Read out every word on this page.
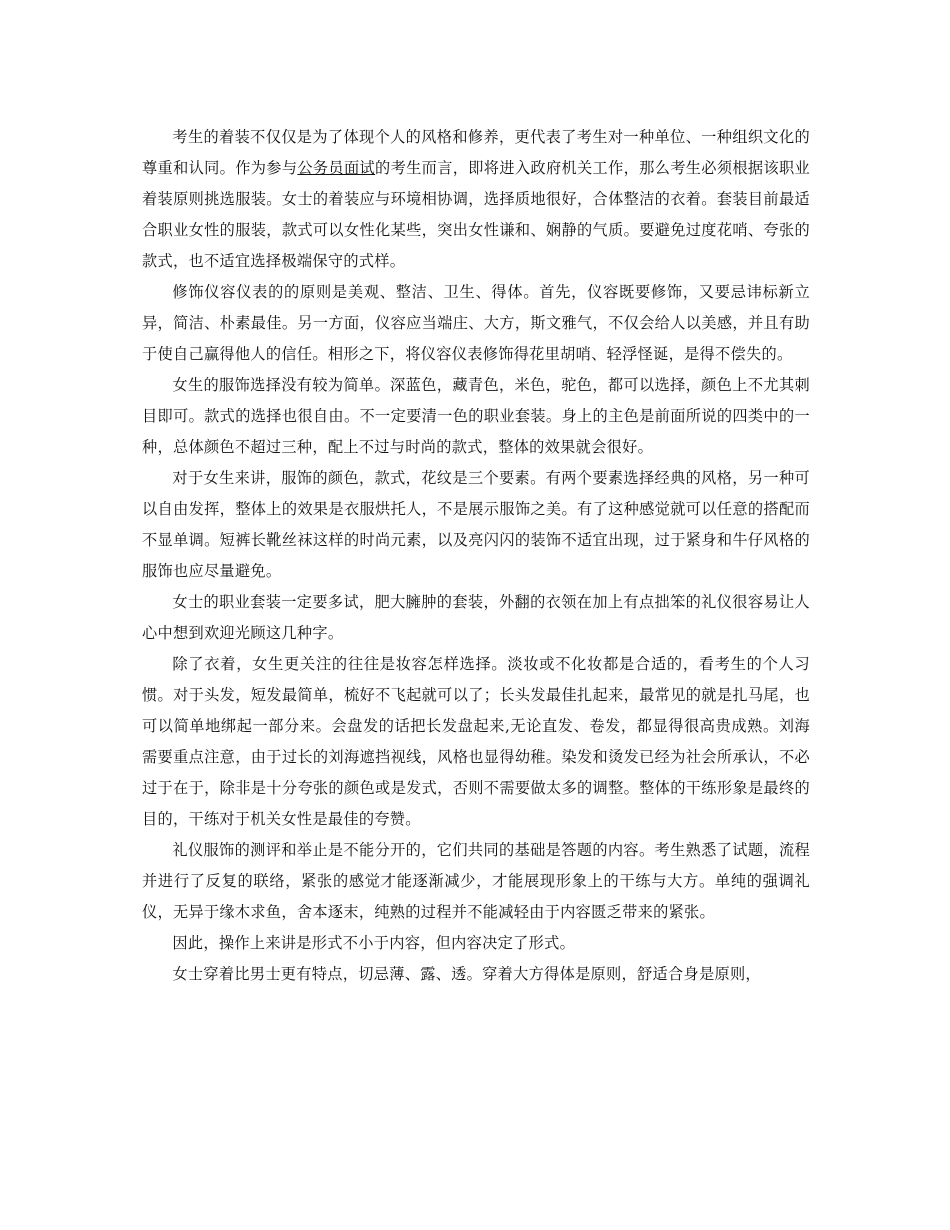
考生的着装不仅仅是为了体现个人的风格和修养，更代表了考生对一种单位、一种组织文化的尊重和认同。作为参与公务员面试的考生而言，即将进入政府机关工作，那么考生必须根据该职业着装原则挑选服装。女士的着装应与环境相协调，选择质地很好，合体整洁的衣着。套装目前最适合职业女性的服装，款式可以女性化某些，突出女性谦和、娴静的气质。要避免过度花哨、夸张的款式，也不适宜选择极端保守的式样。

修饰仪容仪表的的原则是美观、整洁、卫生、得体。首先，仪容既要修饰，又要忌讳标新立异，简洁、朴素最佳。另一方面，仪容应当端庄、大方，斯文雅气，不仅会给人以美感，并且有助于使自己赢得他人的信任。相形之下，将仪容仪表修饰得花里胡哨、轻浮怪诞，是得不偿失的。

女生的服饰选择没有较为简单。深蓝色，藏青色，米色，驼色，都可以选择，颜色上不尤其刺目即可。款式的选择也很自由。不一定要清一色的职业套装。身上的主色是前面所说的四类中的一种，总体颜色不超过三种，配上不过与时尚的款式，整体的效果就会很好。

对于女生来讲，服饰的颜色，款式，花纹是三个要素。有两个要素选择经典的风格，另一种可以自由发挥，整体上的效果是衣服烘托人，不是展示服饰之美。有了这种感觉就可以任意的搭配而不显单调。短裤长靴丝袜这样的时尚元素，以及亮闪闪的装饰不适宜出现，过于紧身和牛仔风格的服饰也应尽量避免。

女士的职业套装一定要多试，肥大臃肿的套装，外翻的衣领在加上有点拙笨的礼仪很容易让人心中想到欢迎光顾这几种字。

除了衣着，女生更关注的往往是妆容怎样选择。淡妆或不化妆都是合适的，看考生的个人习惯。对于头发，短发最简单，梳好不飞起就可以了；长头发最佳扎起来，最常见的就是扎马尾，也可以简单地绑起一部分来。会盘发的话把长发盘起来,无论直发、卷发，都显得很高贵成熟。刘海需要重点注意，由于过长的刘海遮挡视线，风格也显得幼稚。染发和烫发已经为社会所承认，不必过于在于，除非是十分夸张的颜色或是发式，否则不需要做太多的调整。整体的干练形象是最终的目的，干练对于机关女性是最佳的夸赞。

礼仪服饰的测评和举止是不能分开的，它们共同的基础是答题的内容。考生熟悉了试题，流程并进行了反复的联络，紧张的感觉才能逐渐减少，才能展现形象上的干练与大方。单纯的强调礼仪，无异于缘木求鱼，舍本逐末，纯熟的过程并不能减轻由于内容匮乏带来的紧张。

因此，操作上来讲是形式不小于内容，但内容决定了形式。

女士穿着比男士更有特点，切忌薄、露、透。穿着大方得体是原则，舒适合身是原则，
